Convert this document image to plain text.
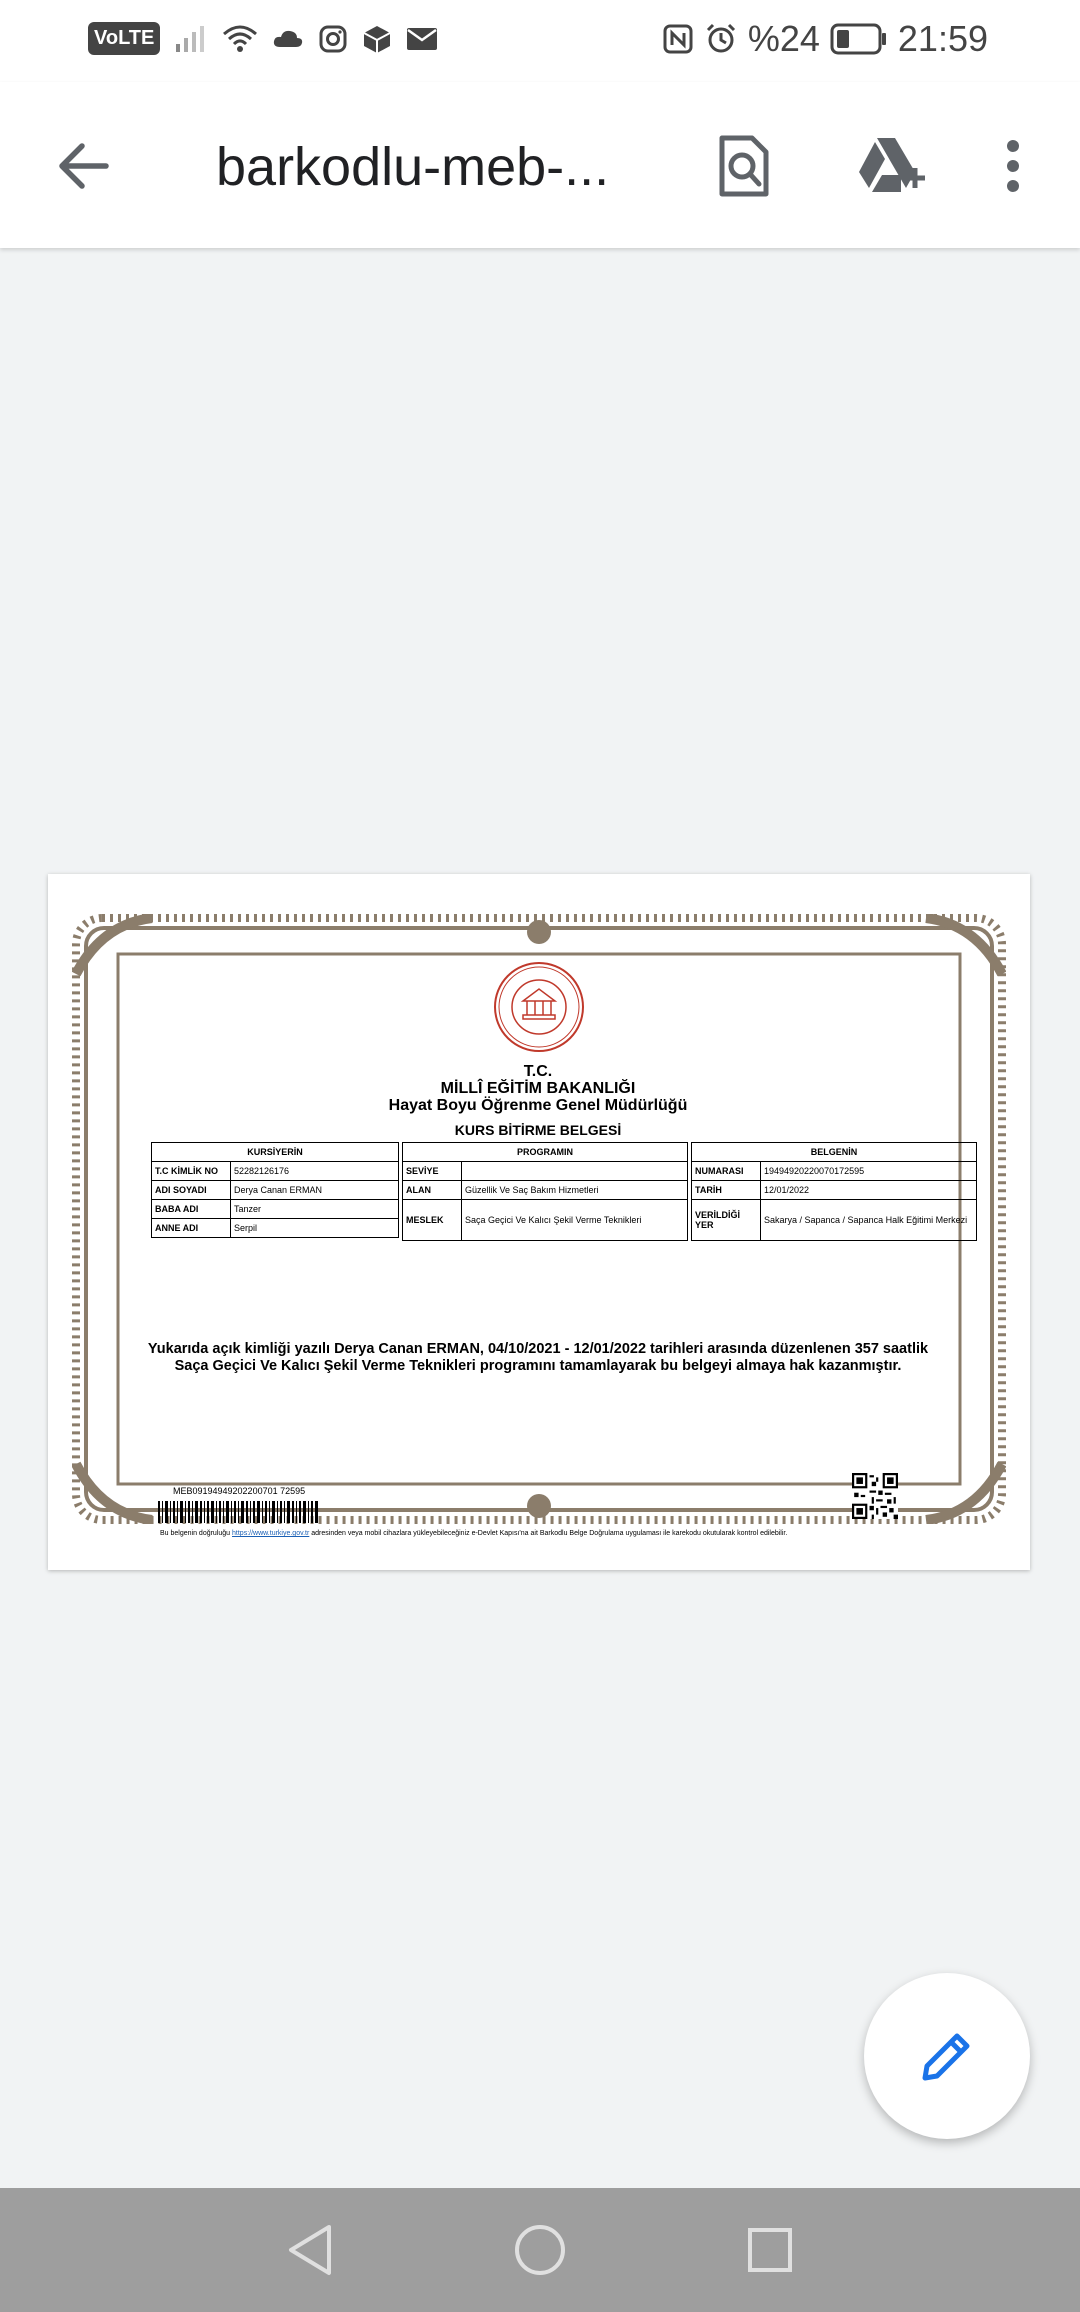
VoLTE	%24 21:59
barkodlu-meb-...
T.C.
MİLLÎ EĞİTİM BAKANLIĞI
Hayat Boyu Öğrenme Genel Müdürlüğü
KURS BİTİRME BELGESİ
KURSİYERİN	
T.C KİMLİK NO	52282126176
ADI SOYADI	Derya Canan ERMAN
BABA ADI	Tanzer
ANNE ADI	Serpil
PROGRAMIN	
SEVİYE	
ALAN	Güzellik Ve Saç Bakım Hizmetleri
MESLEK	Saça Geçici Ve Kalıcı Şekil Verme Teknikleri
BELGENİN	
NUMARASI	19494920220070172595
TARİH	12/01/2022
VERİLDİĞİ YER	Sakarya / Sapanca / Sapanca Halk Eğitimi Merkezi
Yukarıda açık kimliği yazılı Derya Canan ERMAN, 04/10/2021 - 12/01/2022 tarihleri arasında düzenlenen 357 saatlik
Saça Geçici Ve Kalıcı Şekil Verme Teknikleri programını tamamlayarak bu belgeyi almaya hak kazanmıştır.
MEB09194949202200701 72595
Bu belgenin doğruluğu https://www.turkiye.gov.tr adresinden veya mobil cihazlara yükleyebileceğiniz e-Devlet Kapısı'na ait Barkodlu Belge Doğrulama uygulaması ile karekodu okutularak kontrol edilebilir.
